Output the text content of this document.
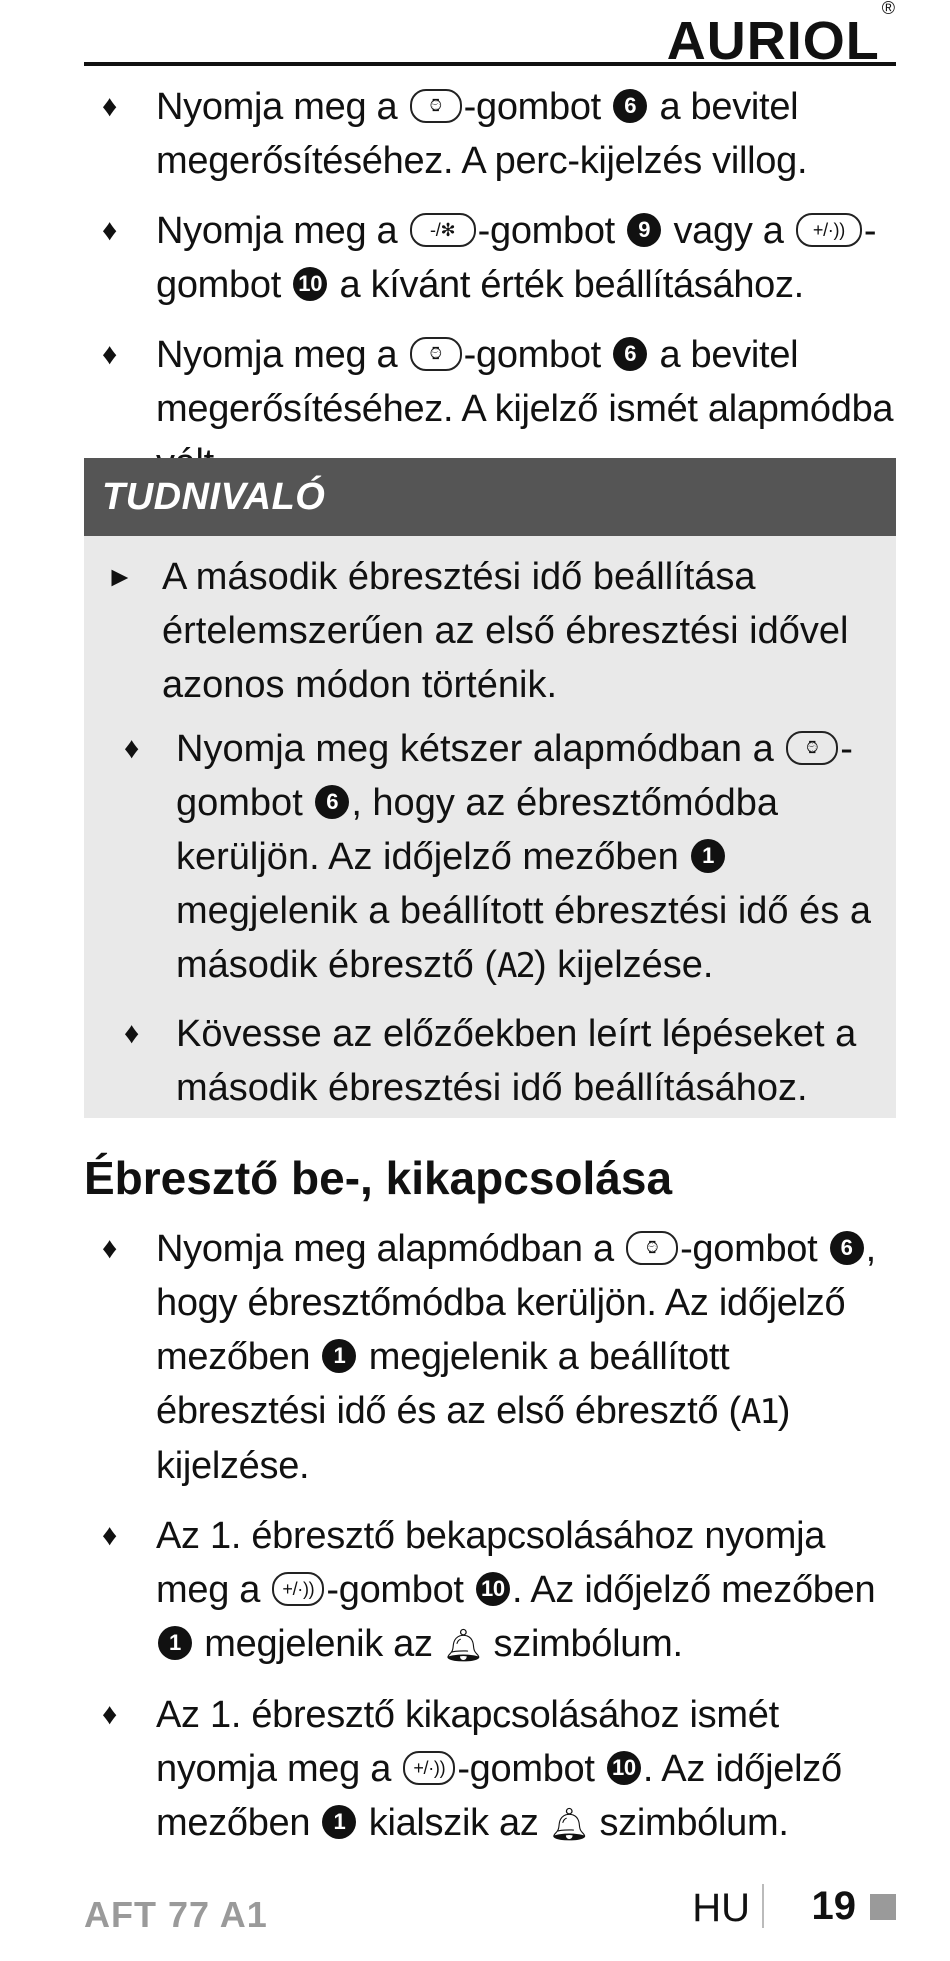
AURIOL®
♦ Nyomja meg a ⌚︎ -gombot 6 a bevitel megerősítéséhez. A perc-kijelzés villog.
♦ Nyomja meg a -/✻ -gombot 9 vagy a +/·)) -gombot 10 a kívánt érték beállításához.
♦ Nyomja meg a ⌚︎ -gombot 6 a bevitel megerősítéséhez. A kijelző ismét alapmódba
TUDNIVALÓ
► A második ébresztési idő beállítása értelemszerűen az első ébresztési idővel azonos módon történik.
♦ Nyomja meg kétszer alapmódban a ⌚︎ -gombot 6 , hogy az ébresztőmódba kerüljön. Az időjelző mezőben 1 megjelenik a beállított ébresztési idő és a második ébresztő (A2) kijelzése.
♦ Kövesse az előzőekben leírt lépéseket a második ébresztési idő beállításához.
Ébresztő be-, kikapcsolása
♦ Nyomja meg alapmódban a ⌚︎ -gombot 6 , hogy ébresztőmódba kerüljön. Az időjelző mezőben 1 megjelenik a beállított ébresztési idő és az első ébresztő (A1) kijelzése.
♦ Az 1. ébresztő bekapcsolásához nyomja meg a +/·)) -gombot 10 . Az időjelző mezőben 1 megjelenik az 🔔︎ szimbólum.
♦ Az 1. ébresztő kikapcsolásához ismét nyomja meg a +/·)) -gombot 10 . Az időjelző mezőben 1 kialszik az 🔔︎ szimbólum.
AFT 77 A1	HU 19
